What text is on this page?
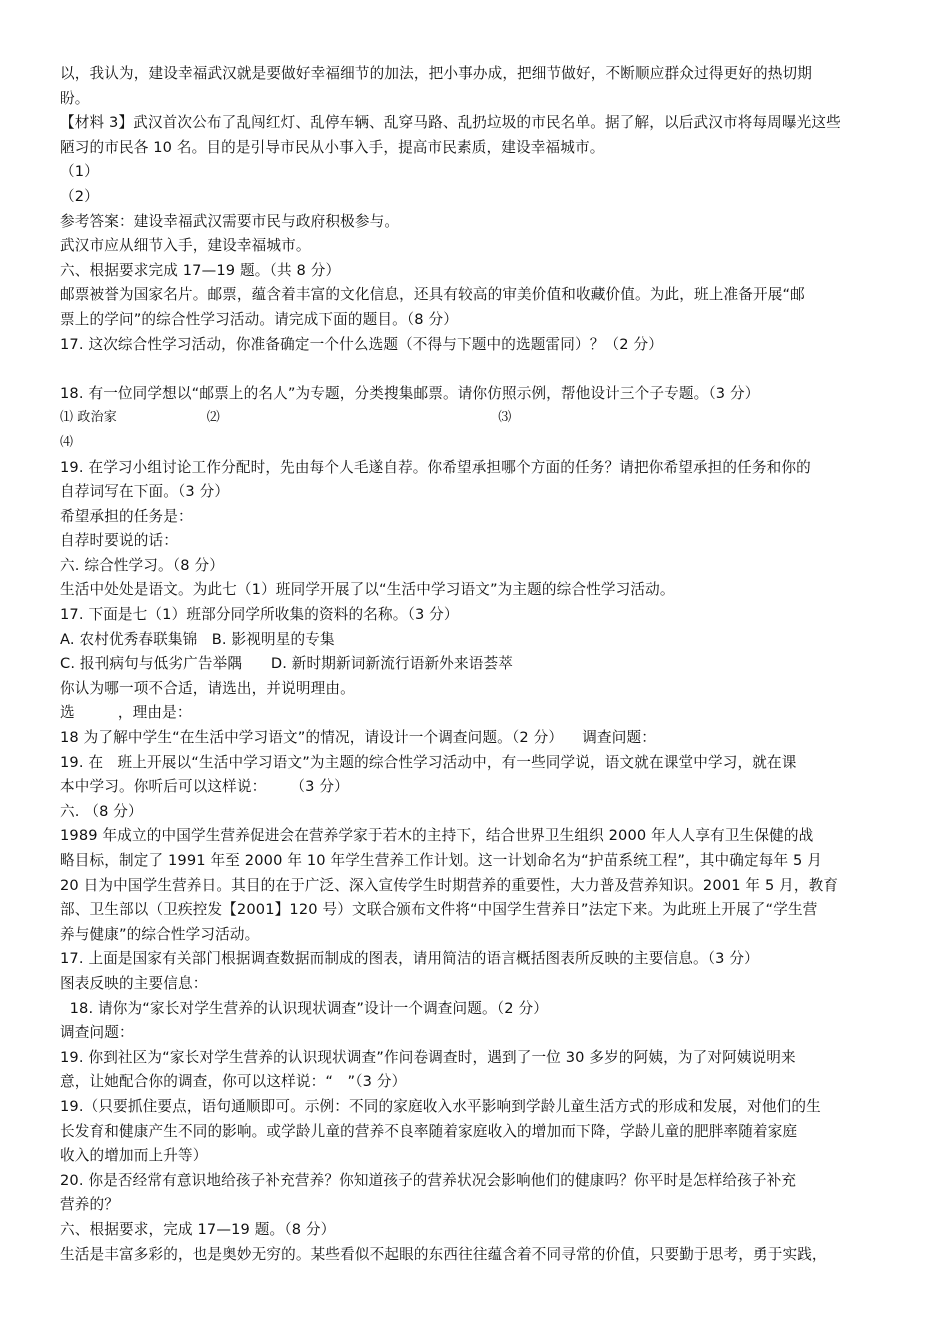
以，我认为，建设幸福武汉就是要做好幸福细节的加法，把小事办成，把细节做好，不断顺应群众过得更好的热切期
盼。
【材料 3】武汉首次公布了乱闯红灯、乱停车辆、乱穿马路、乱扔垃圾的市民名单。据了解，以后武汉市将每周曝光这些
陋习的市民各 10 名。目的是引导市民从小事入手，提高市民素质，建设幸福城市。
（1）
（2）
参考答案：建设幸福武汉需要市民与政府积极参与。
武汉市应从细节入手，建设幸福城市。
六、根据要求完成 17—19 题。（共 8 分）
邮票被誉为国家名片。邮票，蕴含着丰富的文化信息，还具有较高的审美价值和收藏价值。为此，班上准备开展“邮
票上的学问”的综合性学习活动。请完成下面的题目。（8 分）
17. 这次综合性学习活动，你准备确定一个什么选题（不得与下题中的选题雷同）？（2 分）
18. 有一位同学想以“邮票上的名人”为专题，分类搜集邮票。请你仿照示例，帮他设计三个子专题。（3 分）
⑴ 政治家                     ⑵                                                                 ⑶
⑷
19. 在学习小组讨论工作分配时，先由每个人毛遂自荐。你希望承担哪个方面的任务？请把你希望承担的任务和你的
自荐词写在下面。（3 分）
希望承担的任务是：
自荐时要说的话：
六. 综合性学习。（8 分）
生活中处处是语文。为此七（1）班同学开展了以“生活中学习语文”为主题的综合性学习活动。
17. 下面是七（1）班部分同学所收集的资料的名称。（3 分）
A. 农村优秀春联集锦   B. 影视明星的专集
C. 报刊病句与低劣广告举隅      D. 新时期新词新流行语新外来语荟萃
你认为哪一项不合适，请选出，并说明理由。
选         ，理由是：
18 为了解中学生“在生活中学习语文”的情况，请设计一个调查问题。（2 分）    调查问题：
19. 在   班上开展以“生活中学习语文”为主题的综合性学习活动中，有一些同学说，语文就在课堂中学习，就在课
本中学习。你听后可以这样说：     （3 分）
六. （8 分）
1989 年成立的中国学生营养促进会在营养学家于若木的主持下，结合世界卫生组织 2000 年人人享有卫生保健的战
略目标，制定了 1991 年至 2000 年 10 年学生营养工作计划。这一计划命名为“护苗系统工程”，其中确定每年 5 月
20 日为中国学生营养日。其目的在于广泛、深入宣传学生时期营养的重要性，大力普及营养知识。2001 年 5 月，教育
部、卫生部以（卫疾控发【2001】120 号）文联合颁布文件将“中国学生营养日”法定下来。为此班上开展了“学生营
养与健康”的综合性学习活动。
17. 上面是国家有关部门根据调查数据而制成的图表，请用简洁的语言概括图表所反映的主要信息。（3 分）
图表反映的主要信息：
18. 请你为“家长对学生营养的认识现状调查”设计一个调查问题。（2 分）
调查问题：
19. 你到社区为“家长对学生营养的认识现状调查”作问卷调查时，遇到了一位 30 多岁的阿姨，为了对阿姨说明来
意，让她配合你的调查，你可以这样说：“   ”（3 分）
19.（只要抓住要点，语句通顺即可。示例：不同的家庭收入水平影响到学龄儿童生活方式的形成和发展，对他们的生
长发育和健康产生不同的影响。或学龄儿童的营养不良率随着家庭收入的增加而下降，学龄儿童的肥胖率随着家庭
收入的增加而上升等）
20. 你是否经常有意识地给孩子补充营养？你知道孩子的营养状况会影响他们的健康吗？你平时是怎样给孩子补充
营养的？
六、根据要求，完成 17—19 题。（8 分）
生活是丰富多彩的，也是奥妙无穷的。某些看似不起眼的东西往往蕴含着不同寻常的价值，只要勤于思考，勇于实践，
